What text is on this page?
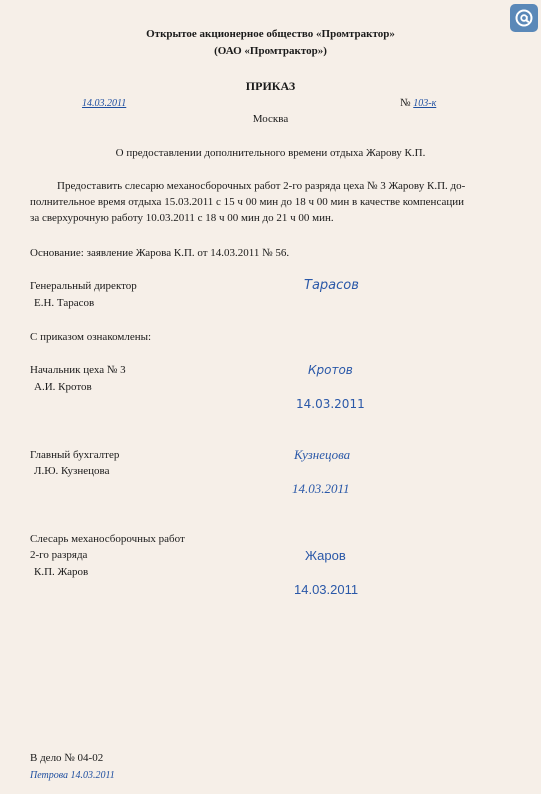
Открытое акционерное общество «Промтрактор»
(ОАО «Промтрактор»)
ПРИКАЗ
14.03.2011	№ 103-к
Москва
О предоставлении дополнительного времени отдыха Жарову К.П.
Предоставить слесарю механосборочных работ 2-го разряда цеха № 3 Жарову К.П. до-
полнительное время отдыха 15.03.2011 с 15 ч 00 мин до 18 ч 00 мин в качестве компенсации
за сверхурочную работу 10.03.2011 с 18 ч 00 мин до 21 ч 00 мин.
Основание: заявление Жарова К.П. от 14.03.2011 № 56.
Генеральный директор
Е.Н. Тарасов
Тарасов
С приказом ознакомлены:
Начальник цеха № 3
А.И. Кротов
Кротов
14.03.2011
Главный бухгалтер
Л.Ю. Кузнецова
Кузнецова
14.03.2011
Слесарь механосборочных работ
2-го разряда
К.П. Жаров
Жаров
14.03.2011
В дело № 04-02
Петрова 14.03.2011
